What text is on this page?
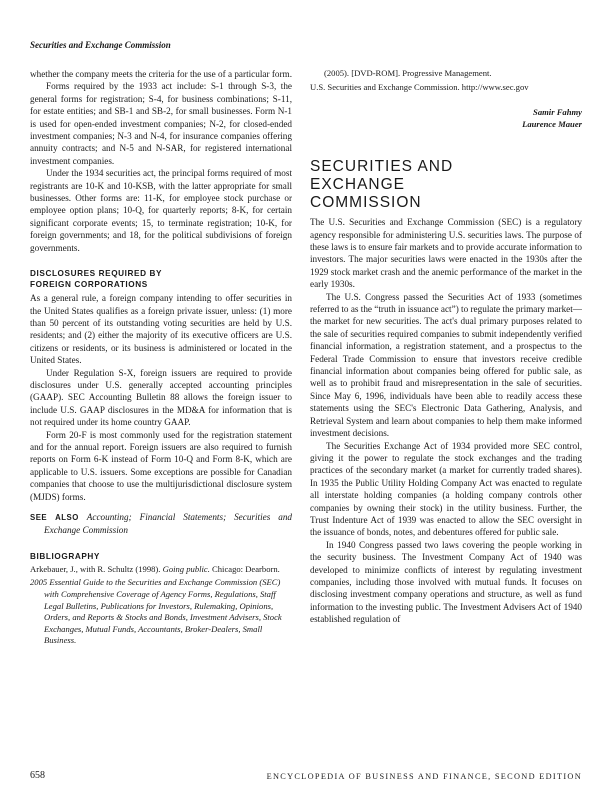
Securities and Exchange Commission

whether the company meets the criteria for the use of a particular form.

Forms required by the 1933 act include: S-1 through S-3, the general forms for registration; S-4, for business combinations; S-11, for estate entities; and SB-1 and SB-2, for small businesses. Form N-1 is used for open-ended investment companies; N-2, for closed-ended investment companies; N-3 and N-4, for insurance companies offering annuity contracts; and N-5 and N-SAR, for registered international investment companies.

Under the 1934 securities act, the principal forms required of most registrants are 10-K and 10-KSB, with the latter appropriate for small businesses. Other forms are: 11-K, for employee stock purchase or employee option plans; 10-Q, for quarterly reports; 8-K, for certain significant corporate events; 15, to terminate registration; 10-K, for foreign governments; and 18, for the political subdivisions of foreign governments.

DISCLOSURES REQUIRED BY
FOREIGN CORPORATIONS

As a general rule, a foreign company intending to offer securities in the United States qualifies as a foreign private issuer, unless: (1) more than 50 percent of its outstanding voting securities are held by U.S. residents; and (2) either the majority of its executive officers are U.S. citizens or residents, or its business is administered or located in the United States.

Under Regulation S-X, foreign issuers are required to provide disclosures under U.S. generally accepted accounting principles (GAAP). SEC Accounting Bulletin 88 allows the foreign issuer to include U.S. GAAP disclosures in the MD&A for information that is not required under its home country GAAP.

Form 20-F is most commonly used for the registration statement and for the annual report. Foreign issuers are also required to furnish reports on Form 6-K instead of Form 10-Q and Form 8-K, which are applicable to U.S. issuers. Some exceptions are possible for Canadian companies that choose to use the multijurisdictional disclosure system (MJDS) forms.

SEE ALSO Accounting; Financial Statements; Securities and Exchange Commission

BIBLIOGRAPHY

Arkebauer, J., with R. Schultz (1998). Going public. Chicago: Dearborn.

2005 Essential Guide to the Securities and Exchange Commission (SEC) with Comprehensive Coverage of Agency Forms, Regulations, Staff Legal Bulletins, Publications for Investors, Rulemaking, Opinions, Orders, and Reports & Stocks and Bonds, Investment Advisers, Stock Exchanges, Mutual Funds, Accountants, Broker-Dealers, Small Business.

(2005). [DVD-ROM]. Progressive Management.

U.S. Securities and Exchange Commission. http://www.sec.gov

Samir Fahmy
Laurence Mauer
SECURITIES AND
EXCHANGE
COMMISSION

The U.S. Securities and Exchange Commission (SEC) is a regulatory agency responsible for administering U.S. securities laws. The purpose of these laws is to ensure fair markets and to provide accurate information to investors. The major securities laws were enacted in the 1930s after the 1929 stock market crash and the anemic performance of the market in the early 1930s.

The U.S. Congress passed the Securities Act of 1933 (sometimes referred to as the “truth in issuance act”) to regulate the primary market—the market for new securities. The act's dual primary purposes related to the sale of securities required companies to submit independently verified financial information, a registration statement, and a prospectus to the Federal Trade Commission to ensure that investors receive credible financial information about companies being offered for public sale, as well as to prohibit fraud and misrepresentation in the sale of securities. Since May 6, 1996, individuals have been able to readily access these statements using the SEC's Electronic Data Gathering, Analysis, and Retrieval System and learn about companies to help them make informed investment decisions.

The Securities Exchange Act of 1934 provided more SEC control, giving it the power to regulate the stock exchanges and the trading practices of the secondary market (a market for currently traded shares). In 1935 the Public Utility Holding Company Act was enacted to regulate all interstate holding companies (a holding company controls other companies by owning their stock) in the utility business. Further, the Trust Indenture Act of 1939 was enacted to allow the SEC oversight in the issuance of bonds, notes, and debentures offered for public sale.

In 1940 Congress passed two laws covering the people working in the security business. The Investment Company Act of 1940 was developed to minimize conflicts of interest by regulating investment companies, including those involved with mutual funds. It focuses on disclosing investment company operations and structure, as well as fund information to the investing public. The Investment Advisers Act of 1940 established regulation of

658	ENCYCLOPEDIA OF BUSINESS AND FINANCE, SECOND EDITION
